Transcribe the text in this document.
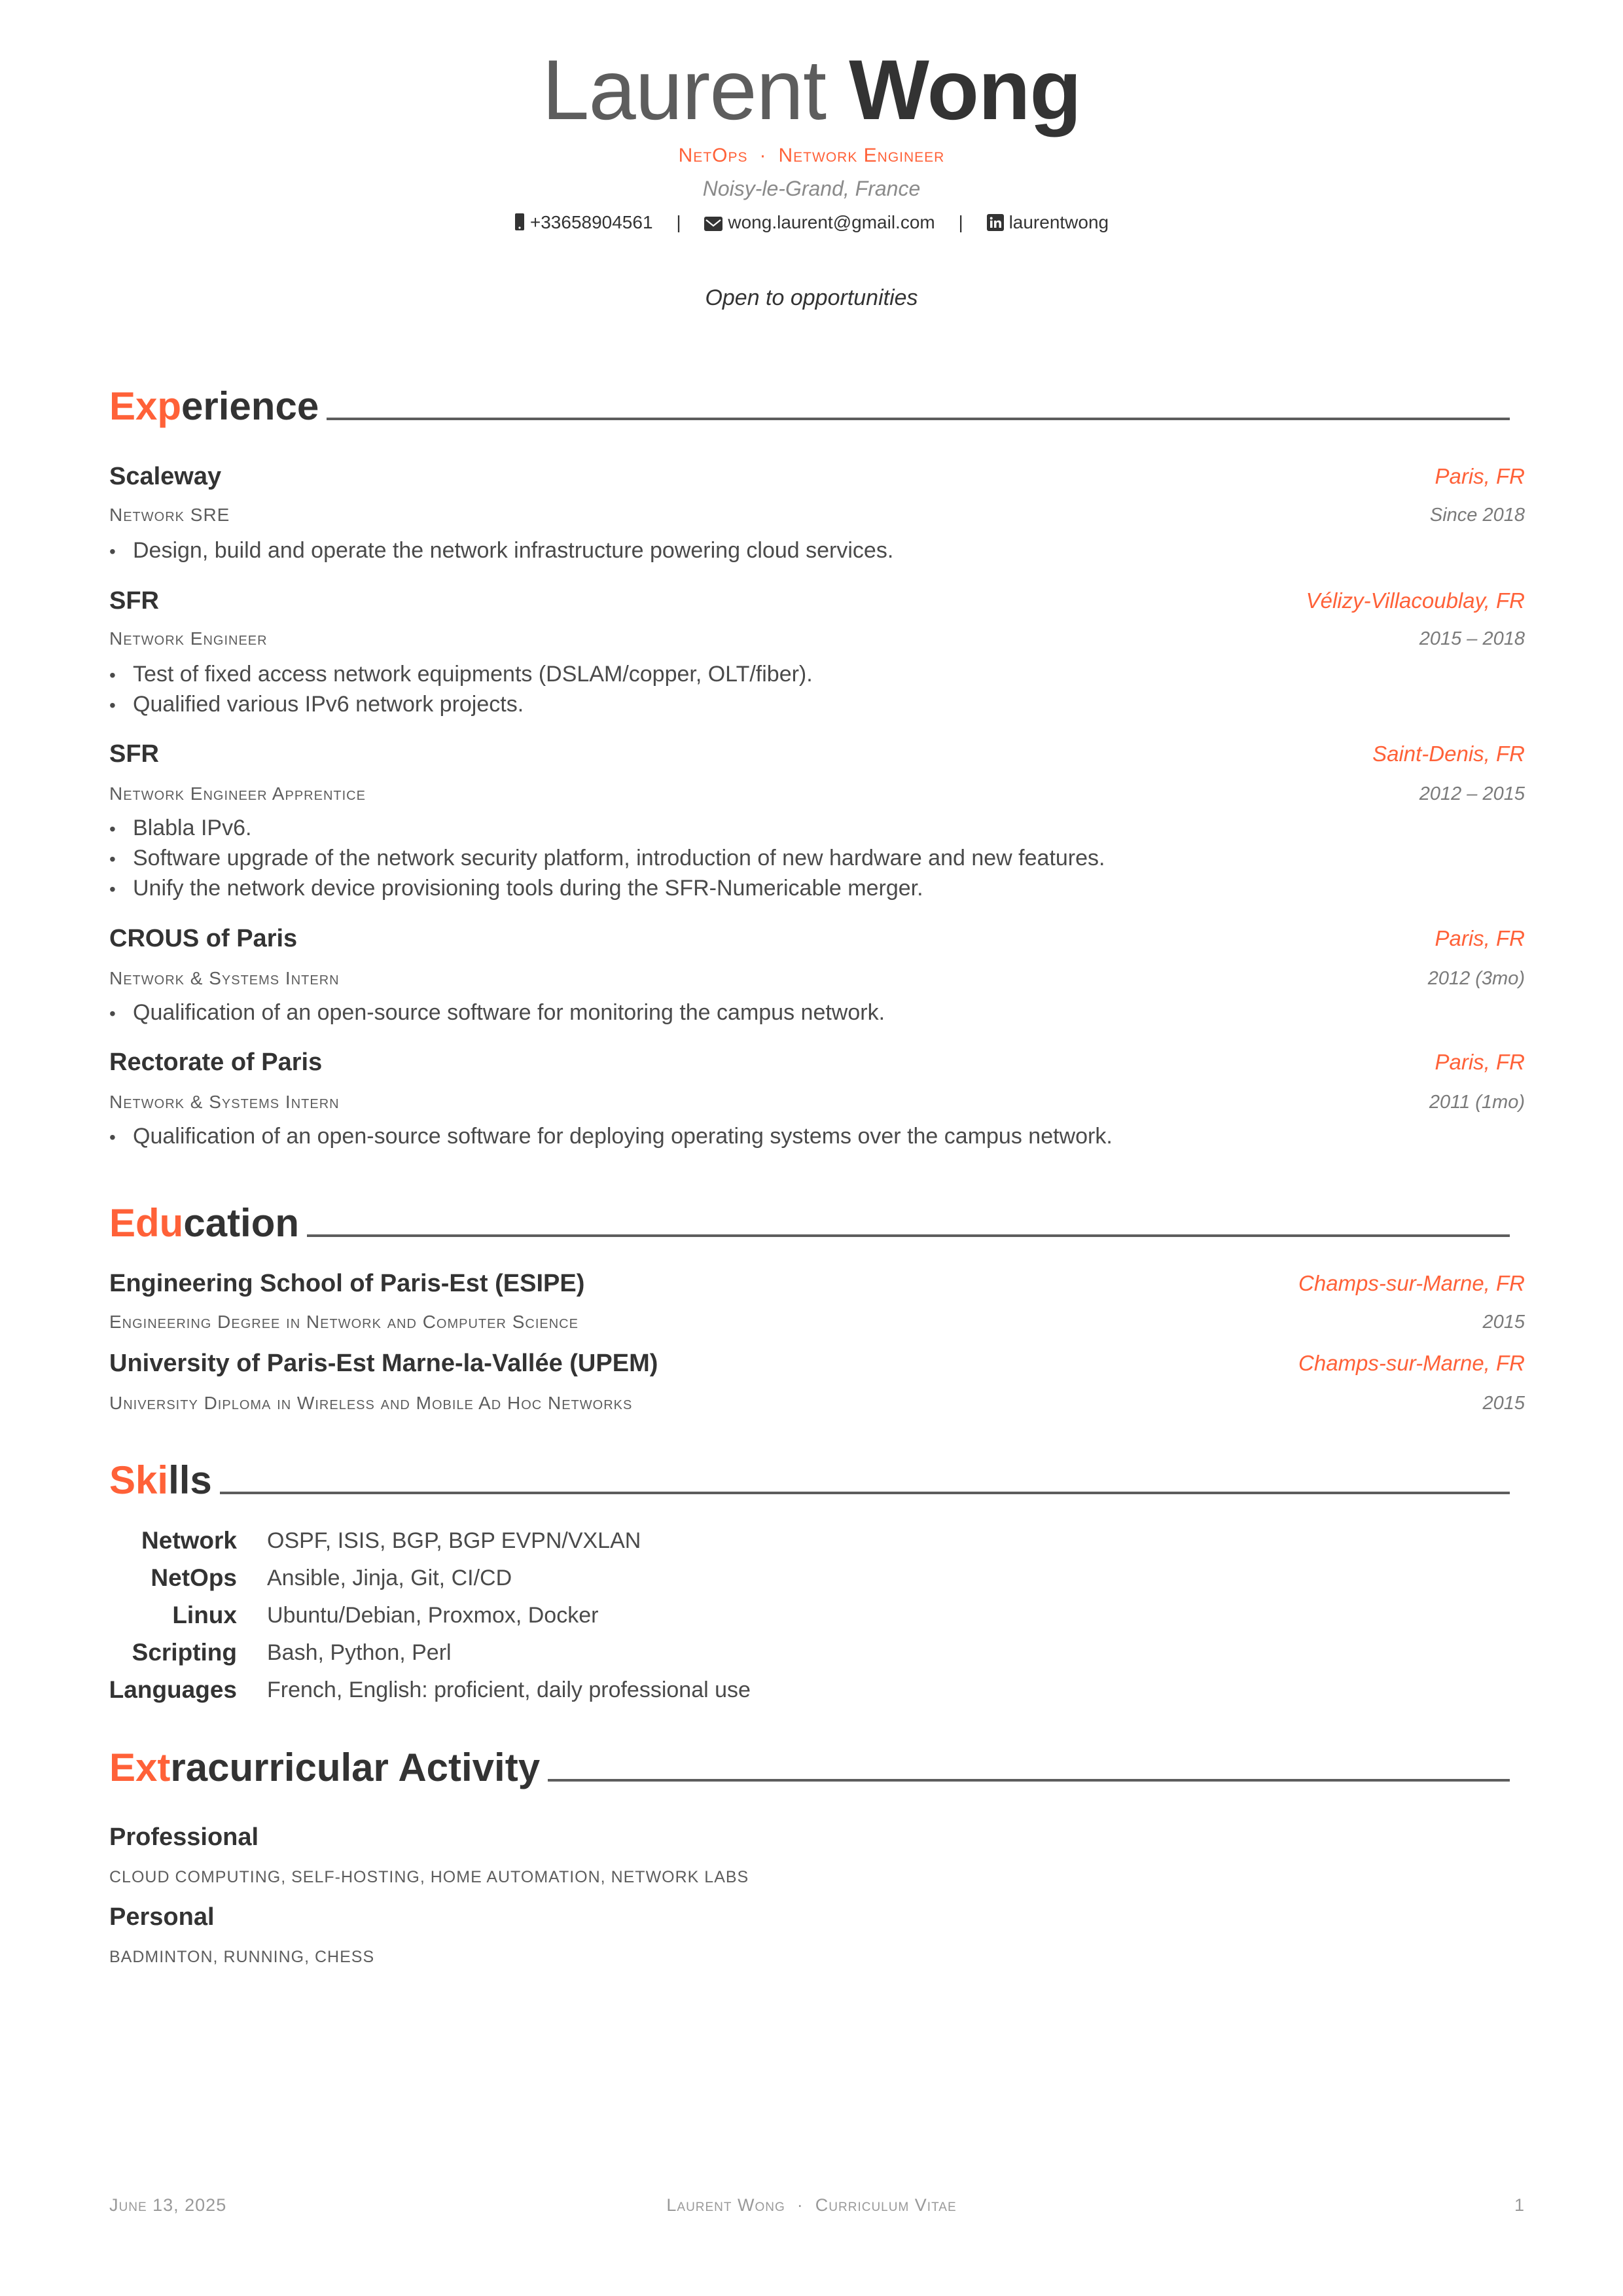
Laurent Wong
NetOps · Network Engineer
Noisy-le-Grand, France
+33658904561 |	wong.laurent@gmail.com | laurentwong
Open to opportunities
Exp erience
Scaleway	Paris, FR
Network SRE	Since 2018
• Design, build and operate the network infrastructure powering cloud services.
SFR	Vélizy-Villacoublay, FR
Network Engineer	2015 – 2018
• Test of fixed access network equipments (DSLAM/copper, OLT/fiber).
• Qualified various IPv6 network projects.
SFR	Saint-Denis, FR
Network Engineer Apprentice	2012 – 2015
• Blabla IPv6.
• Software upgrade of the network security platform, introduction of new hardware and new features.
• Unify the network device provisioning tools during the SFR-Numericable merger.
CROUS of Paris	Paris, FR
Network & Systems Intern	2012 (3mo)
• Qualification of an open-source software for monitoring the campus network.
Rectorate of Paris	Paris, FR
Network & Systems Intern	2011 (1mo)
• Qualification of an open-source software for deploying operating systems over the campus network.
Edu cation
Engineering School of Paris-Est (ESIPE)	Champs-sur-Marne, FR
Engineering Degree in Network and Computer Science	2015
University of Paris-Est Marne-la-Vallée (UPEM)	Champs-sur-Marne, FR
University Diploma in Wireless and Mobile Ad Hoc Networks	2015
Ski lls
Network OSPF, ISIS, BGP, BGP EVPN/VXLAN
NetOps Ansible, Jinja, Git, CI/CD
Linux Ubuntu/Debian, Proxmox, Docker
Scripting Bash, Python, Perl
Languages French, English: proficient, daily professional use
Ext racurricular Activity
Professional
CLOUD COMPUTING, SELF-HOSTING, HOME AUTOMATION, NETWORK LABS
Personal
BADMINTON, RUNNING, CHESS
June 13, 2025	Laurent Wong · Curriculum Vitae	1
